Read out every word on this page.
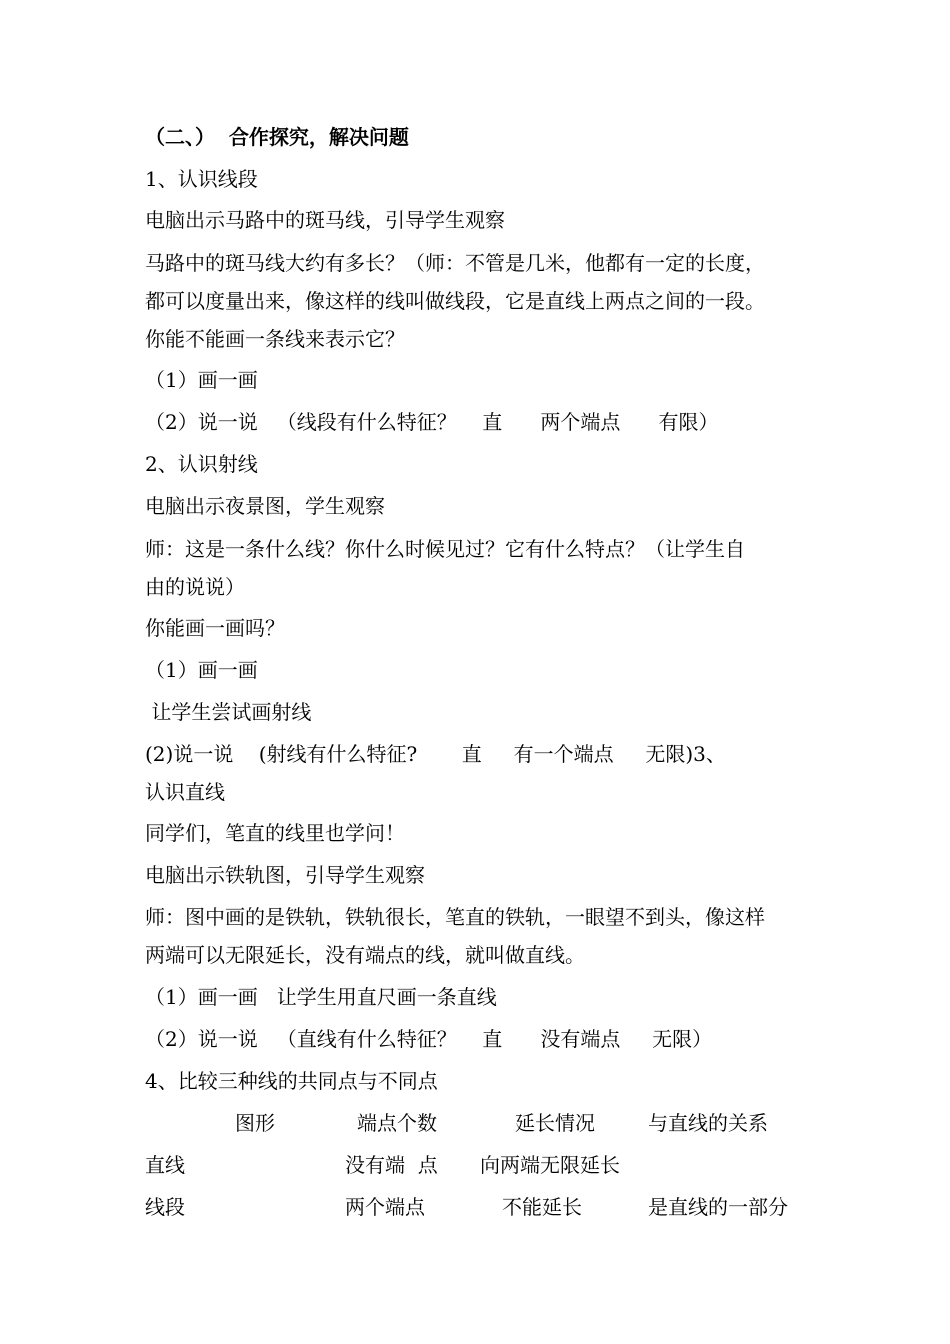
（二、）  合作探究，解决问题
1、认识线段
电脑出示马路中的斑马线，引导学生观察
马路中的斑马线大约有多长？（师：不管是几米，他都有一定的长度，
都可以度量出来，像这样的线叫做线段，它是直线上两点之间的一段。
你能不能画一条线来表示它？
（1）画一画
（2）说一说   （线段有什么特征？    直      两个端点      有限）
2、认识射线
电脑出示夜景图，学生观察
师：这是一条什么线？你什么时候见过？它有什么特点？（让学生自
由的说说）
你能画一画吗？
（1）画一画
让学生尝试画射线
(2)说一说    (射线有什么特征?       直     有一个端点     无限)3、
认识直线
同学们，笔直的线里也学问！
电脑出示铁轨图，引导学生观察
师：图中画的是铁轨，铁轨很长，笔直的铁轨，一眼望不到头，像这样
两端可以无限延长，没有端点的线，就叫做直线。
（1）画一画   让学生用直尺画一条直线
（2）说一说   （直线有什么特征？    直      没有端点     无限）
4、比较三种线的共同点与不同点
图形	端点个数	延长情况	与直线的关系
直线	没有端  点 向两端无限延长
线段	两个端点	不能延长	是直线的一部分
